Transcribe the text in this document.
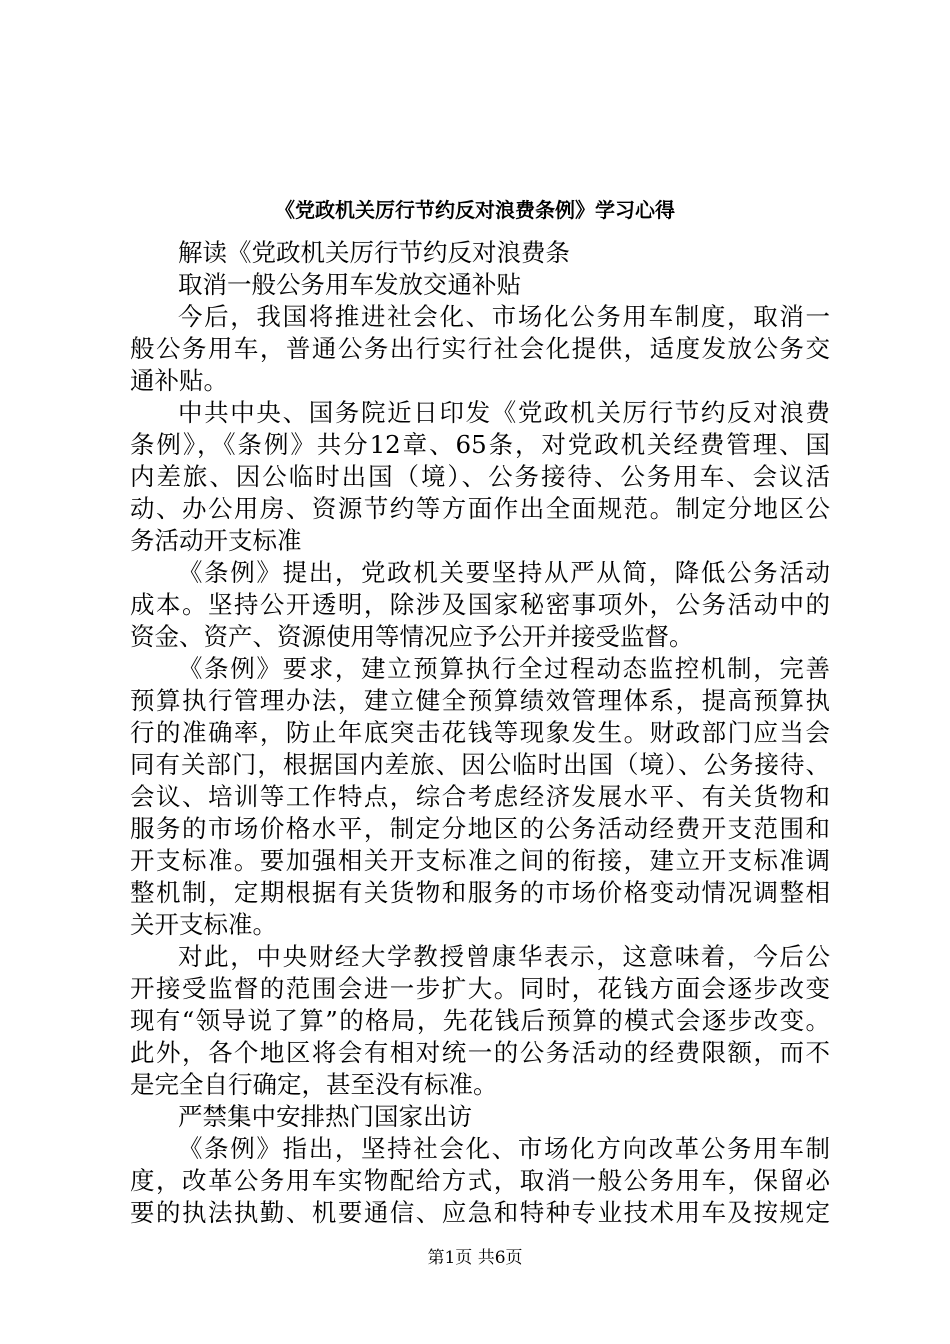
《党政机关厉行节约反对浪费条例》学习心得
解读《党政机关厉行节约反对浪费条
取消一般公务用车发放交通补贴
今后，我国将推进社会化、市场化公务用车制度，取消一
般公务用车，普通公务出行实行社会化提供，适度发放公务交
通补贴。
中共中央、国务院近日印发《党政机关厉行节约反对浪费
条例》，《条例》共分12章、65条，对党政机关经费管理、国
内差旅、因公临时出国（境）、公务接待、公务用车、会议活
动、办公用房、资源节约等方面作出全面规范。制定分地区公
务活动开支标准
《条例》提出，党政机关要坚持从严从简，降低公务活动
成本。坚持公开透明，除涉及国家秘密事项外，公务活动中的
资金、资产、资源使用等情况应予公开并接受监督。
《条例》要求，建立预算执行全过程动态监控机制，完善
预算执行管理办法，建立健全预算绩效管理体系，提高预算执
行的准确率，防止年底突击花钱等现象发生。财政部门应当会
同有关部门，根据国内差旅、因公临时出国（境）、公务接待、
会议、培训等工作特点，综合考虑经济发展水平、有关货物和
服务的市场价格水平，制定分地区的公务活动经费开支范围和
开支标准。要加强相关开支标准之间的衔接，建立开支标准调
整机制，定期根据有关货物和服务的市场价格变动情况调整相
关开支标准。
对此，中央财经大学教授曾康华表示，这意味着，今后公
开接受监督的范围会进一步扩大。同时，花钱方面会逐步改变
现有“领导说了算”的格局，先花钱后预算的模式会逐步改变。
此外，各个地区将会有相对统一的公务活动的经费限额，而不
是完全自行确定，甚至没有标准。
严禁集中安排热门国家出访
《条例》指出，坚持社会化、市场化方向改革公务用车制
度，改革公务用车实物配给方式，取消一般公务用车，保留必
要的执法执勤、机要通信、应急和特种专业技术用车及按规定
第1页 共6页
